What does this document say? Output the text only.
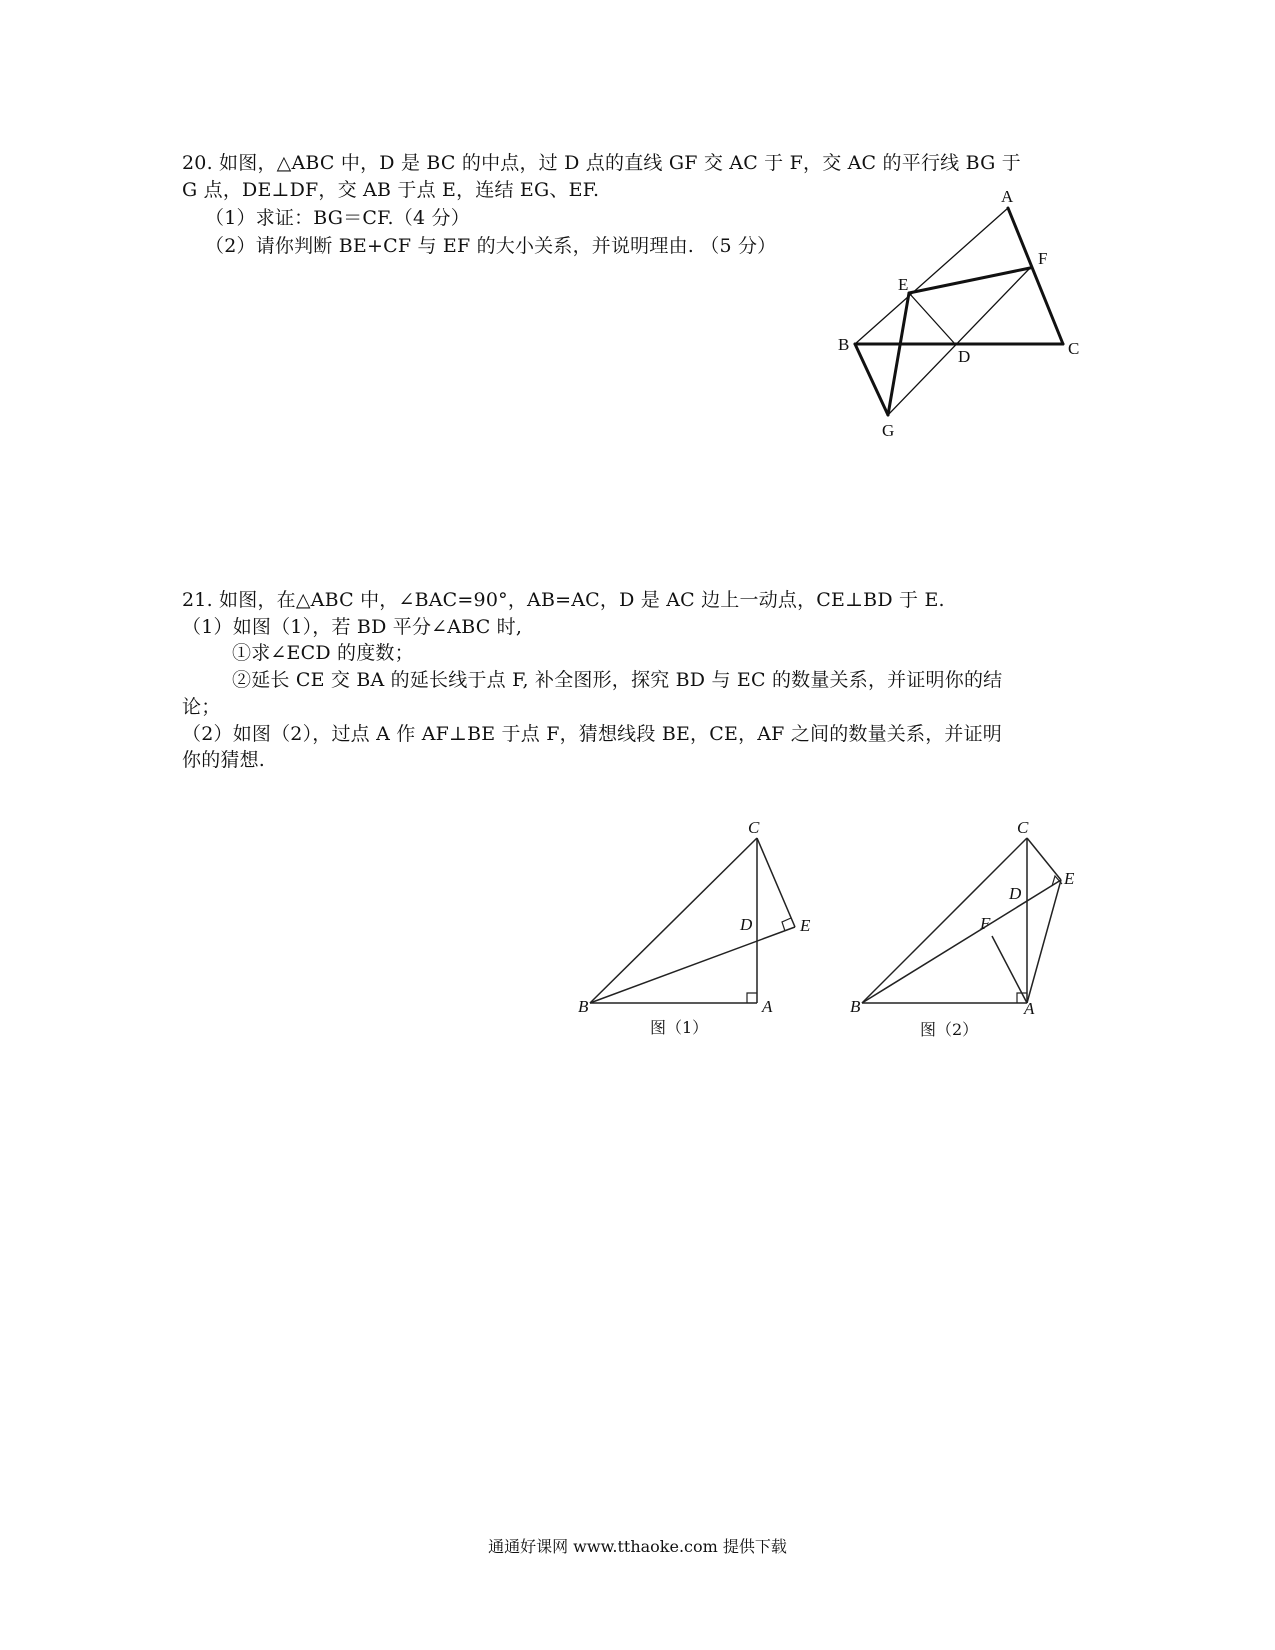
20. 如图，△ABC 中，D 是 BC 的中点，过 D 点的直线 GF 交 AC 于 F，交 AC 的平行线 BG 于
G 点，DE⊥DF，交 AB 于点 E，连结 EG、EF.
（1）求证：BG＝CF.（4 分）
（2）请你判断 BE+CF 与 EF 的大小关系，并说明理由. （5 分）
A
F
E
B
D	C
G
21. 如图，在△ABC 中，∠BAC=90°，AB=AC，D 是 AC 边上一动点，CE⊥BD 于 E.
（1）如图（1），若 BD 平分∠ABC 时,
①求∠ECD 的度数；
②延长 CE 交 BA 的延长线于点 F, 补全图形，探究 BD 与 EC 的数量关系，并证明你的结
论；
（2）如图（2），过点 A 作 AF⊥BE 于点 F，猜想线段 BE，CE，AF 之间的数量关系，并证明
你的猜想.
C
D	E
B	A
图（1）
C
E
D
F
B	A
图（2）
通通好课网 www.tthaoke.com 提供下载
